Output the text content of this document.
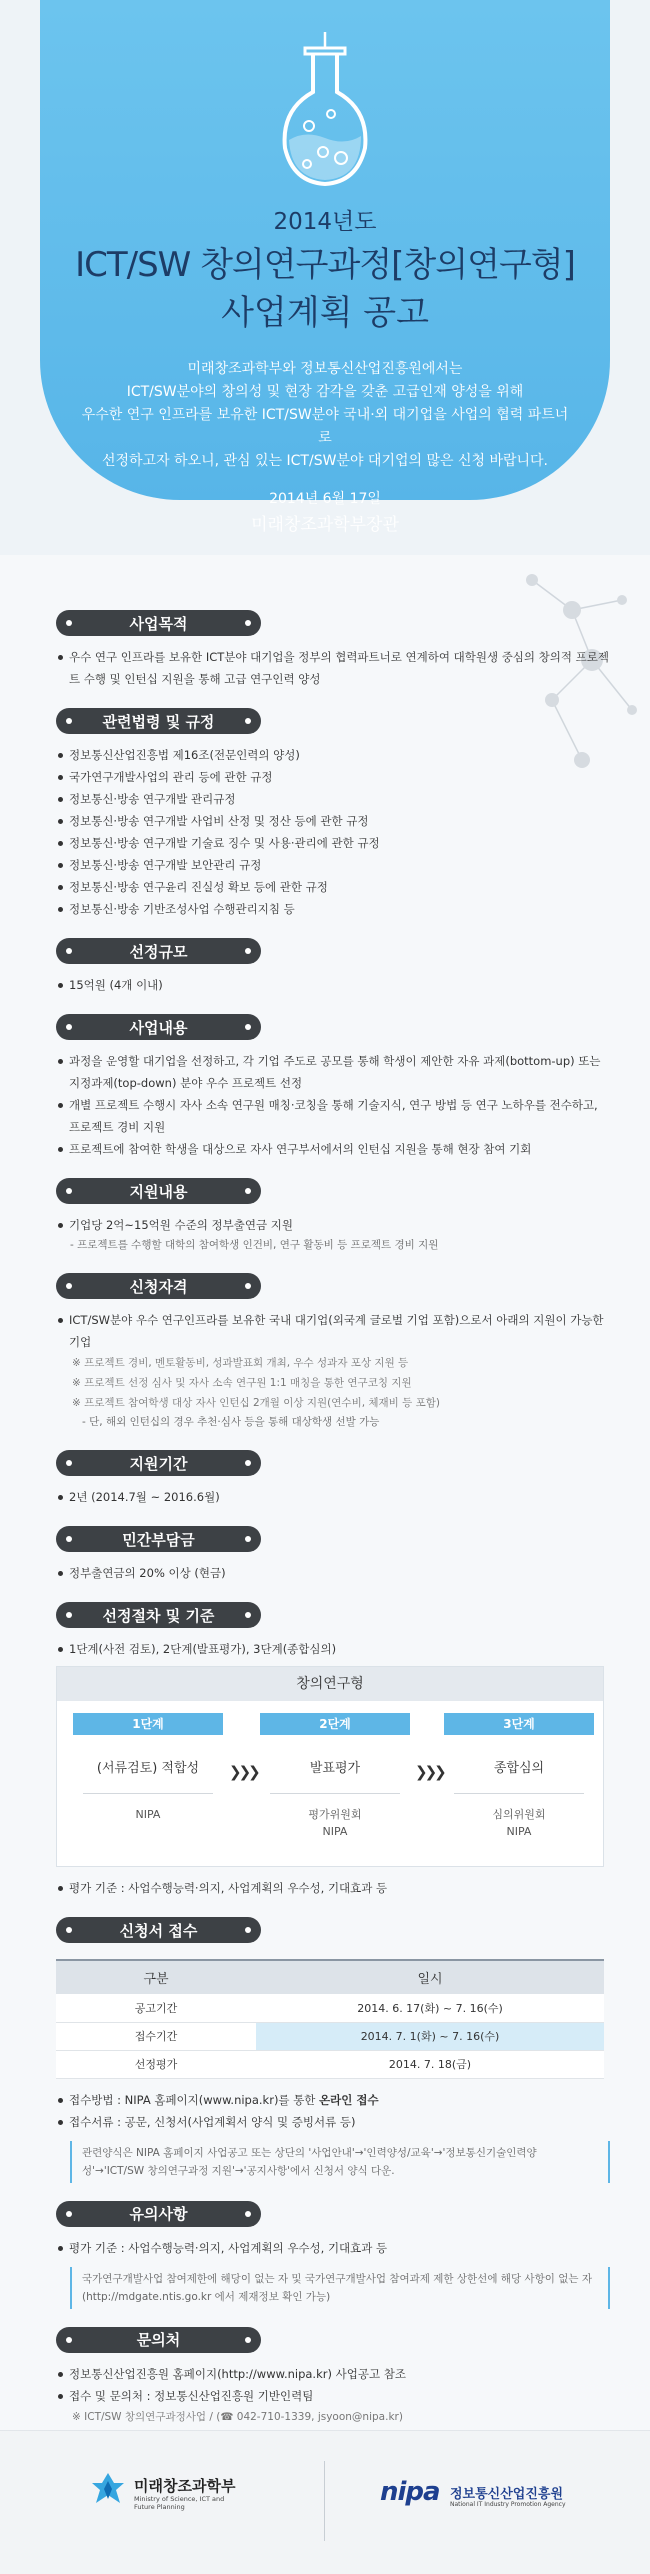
2014년도
ICT/SW 창의연구과정[창의연구형]
사업계획 공고
미래창조과학부와 정보통신산업진흥원에서는
ICT/SW분야의 창의성 및 현장 감각을 갖춘 고급인재 양성을 위해
우수한 연구 인프라를 보유한 ICT/SW분야 국내·외 대기업을 사업의 협력 파트너로
선정하고자 하오니, 관심 있는 ICT/SW분야 대기업의 많은 신청 바랍니다.
2014년 6월 17일
미래창조과학부장관
사업목적
우수 연구 인프라를 보유한 ICT분야 대기업을 정부의 협력파트너로 연계하여 대학원생 중심의 창의적 프로젝트 수행 및 인턴십 지원을 통해 고급 연구인력 양성
관련법령 및 규정
정보통신산업진흥법 제16조(전문인력의 양성)
국가연구개발사업의 관리 등에 관한 규정
정보통신·방송 연구개발 관리규정
정보통신·방송 연구개발 사업비 산정 및 정산 등에 관한 규정
정보통신·방송 연구개발 기술료 징수 및 사용·관리에 관한 규정
정보통신·방송 연구개발 보안관리 규정
정보통신·방송 연구윤리 진실성 확보 등에 관한 규정
정보통신·방송 기반조성사업 수행관리지침 등
선정규모
15억원 (4개 이내)
사업내용
과정을 운영할 대기업을 선정하고, 각 기업 주도로 공모를 통해 학생이 제안한 자유 과제(bottom-up) 또는 지정과제(top-down) 분야 우수 프로젝트 선정
개별 프로젝트 수행시 자사 소속 연구원 매칭·코칭을 통해 기술지식, 연구 방법 등 연구 노하우를 전수하고, 프로젝트 경비 지원
프로젝트에 참여한 학생을 대상으로 자사 연구부서에서의 인턴십 지원을 통해 현장 참여 기회
지원내용
기업당 2억~15억원 수준의 정부출연금 지원
- 프로젝트를 수행할 대학의 참여학생 인건비, 연구 활동비 등 프로젝트 경비 지원
신청자격
ICT/SW분야 우수 연구인프라를 보유한 국내 대기업(외국계 글로벌 기업 포함)으로서 아래의 지원이 가능한 기업
※ 프로젝트 경비, 멘토활동비, 성과발표회 개최, 우수 성과자 포상 지원 등
※ 프로젝트 선정 심사 및 자사 소속 연구원 1:1 매칭을 통한 연구코칭 지원
※ 프로젝트 참여학생 대상 자사 인턴십 2개월 이상 지원(연수비, 체재비 등 포함)
- 단, 해외 인턴십의 경우 추천·심사 등을 통해 대상학생 선발 가능
지원기간
2년 (2014.7월 ~ 2016.6월)
민간부담금
정부출연금의 20% 이상 (현금)
선정절차 및 기준
1단계(사전 검토), 2단계(발표평가), 3단계(종합심의)
창의연구형
1단계
(서류검토) 적합성
NIPA
❯❯❯
2단계
발표평가
평가위원회
NIPA
❯❯❯
3단계
종합심의
심의위원회
NIPA
평가 기준 : 사업수행능력·의지, 사업계획의 우수성, 기대효과 등
신청서 접수
구분	일시
공고기간	2014. 6. 17(화) ~ 7. 16(수)
접수기간	2014. 7. 1(화) ~ 7. 16(수)
선정평가	2014. 7. 18(금)
접수방법 : NIPA 홈페이지(www.nipa.kr)를 통한 온라인 접수
접수서류 : 공문, 신청서(사업계획서 양식 및 증빙서류 등)
관련양식은 NIPA 홈페이지 사업공고 또는 상단의 '사업안내'→'인력양성/교육'→'정보통신기술인력양성'→'ICT/SW 창의연구과정 지원'→'공지사항'에서 신청서 양식 다운.
유의사항
평가 기준 : 사업수행능력·의지, 사업계획의 우수성, 기대효과 등
국가연구개발사업 참여제한에 해당이 없는 자 및 국가연구개발사업 참여과제 제한 상한선에 해당 사항이 없는 자 (http://mdgate.ntis.go.kr 에서 제재정보 확인 가능)
문의처
정보통신산업진흥원 홈페이지(http://www.nipa.kr) 사업공고 참조
접수 및 문의처 : 정보통신산업진흥원 기반인력팀
※ ICT/SW 창의연구과정사업 / (☎ 042-710-1339, jsyoon@nipa.kr)
미래창조과학부
Ministry of Science, ICT and Future Planning	nipa 정보통신산업진흥원
National IT Industry Promotion Agency
